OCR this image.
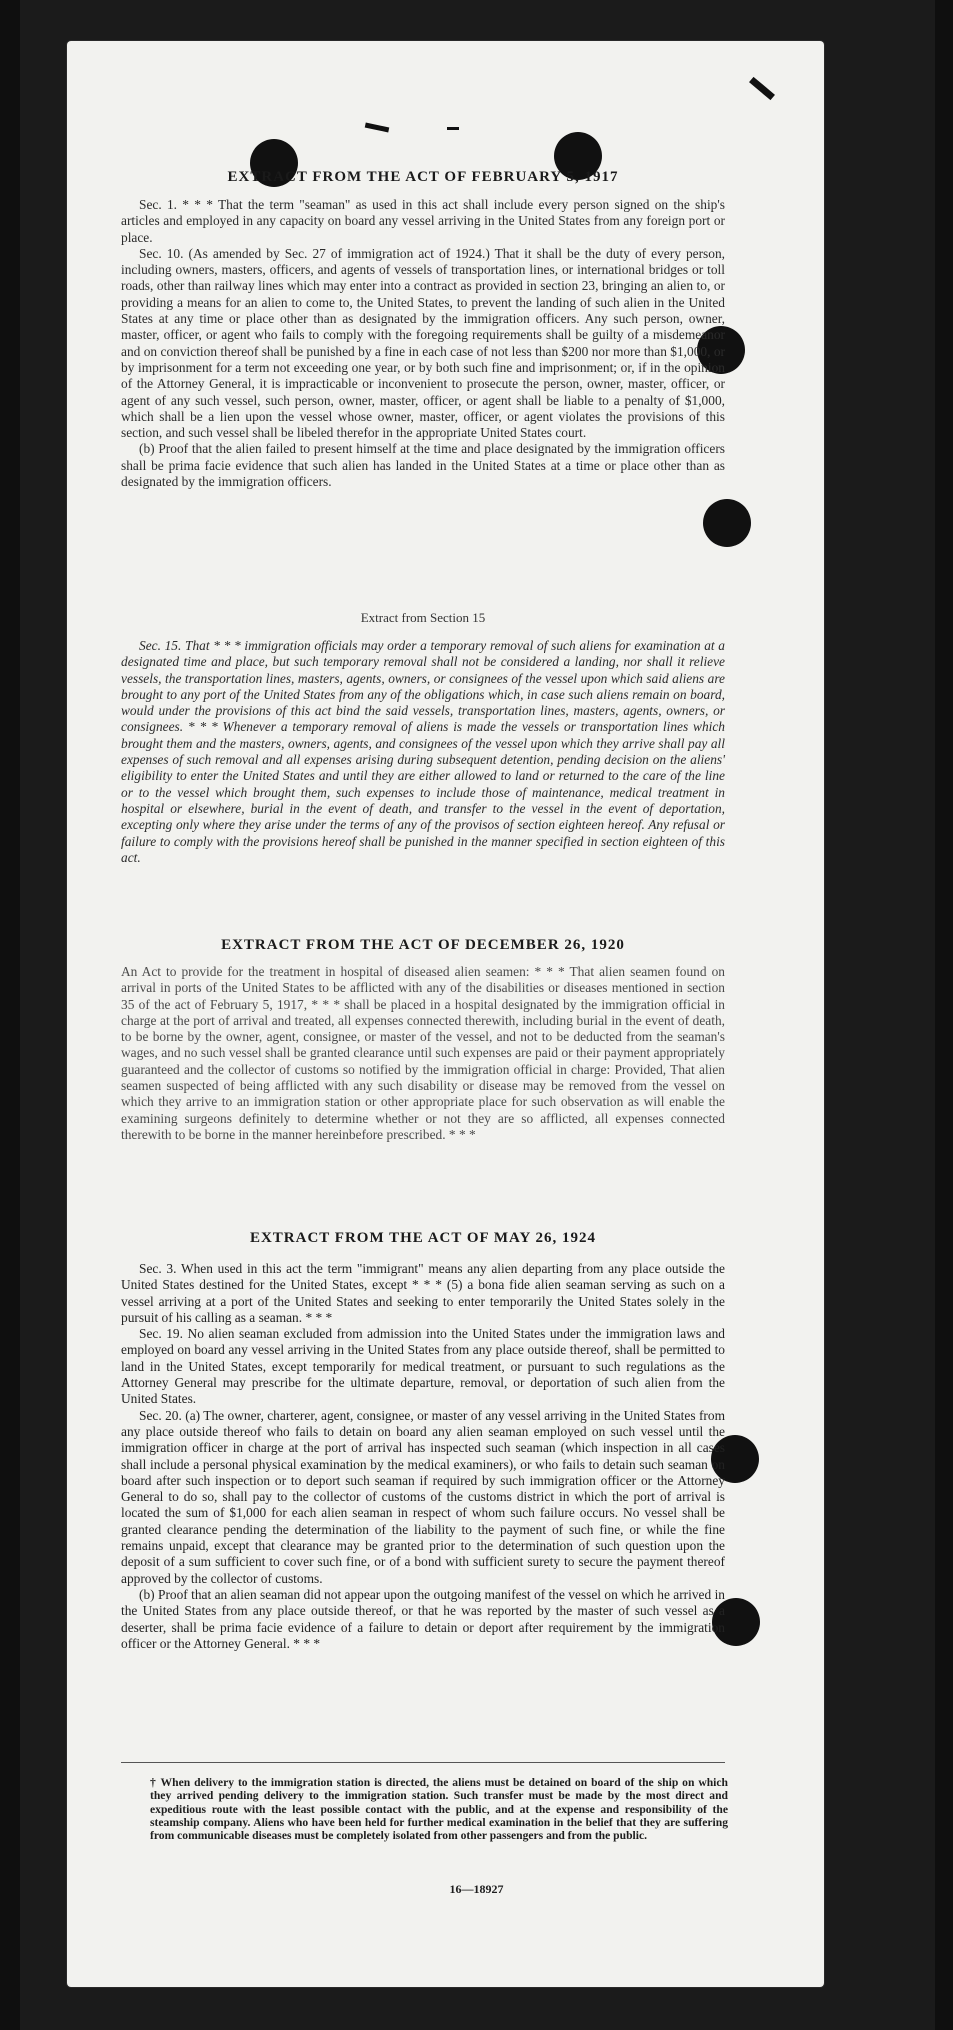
EXTRACT FROM THE ACT OF FEBRUARY 5, 1917

Sec. 1. * * * That the term "seaman" as used in this act shall include every person signed on the ship's articles and employed in any capacity on board any vessel arriving in the United States from any foreign port or place.

Sec. 10. (As amended by Sec. 27 of immigration act of 1924.) That it shall be the duty of every person, including owners, masters, officers, and agents of vessels of transportation lines, or international bridges or toll roads, other than railway lines which may enter into a contract as provided in section 23, bringing an alien to, or providing a means for an alien to come to, the United States, to prevent the landing of such alien in the United States at any time or place other than as designated by the immigration officers. Any such person, owner, master, officer, or agent who fails to comply with the foregoing requirements shall be guilty of a misdemeanor and on conviction thereof shall be punished by a fine in each case of not less than $200 nor more than $1,000, or by imprisonment for a term not exceeding one year, or by both such fine and imprisonment; or, if in the opinion of the Attorney General, it is impracticable or inconvenient to prosecute the person, owner, master, officer, or agent of any such vessel, such person, owner, master, officer, or agent shall be liable to a penalty of $1,000, which shall be a lien upon the vessel whose owner, master, officer, or agent violates the provisions of this section, and such vessel shall be libeled therefor in the appropriate United States court.

(b) Proof that the alien failed to present himself at the time and place designated by the immigration officers shall be prima facie evidence that such alien has landed in the United States at a time or place other than as designated by the immigration officers.

Extract from Section 15

Sec. 15. That * * * immigration officials may order a temporary removal of such aliens for examination at a designated time and place, but such temporary removal shall not be considered a landing, nor shall it relieve vessels, the transportation lines, masters, agents, owners, or consignees of the vessel upon which said aliens are brought to any port of the United States from any of the obligations which, in case such aliens remain on board, would under the provisions of this act bind the said vessels, transportation lines, masters, agents, owners, or consignees. * * * Whenever a temporary removal of aliens is made the vessels or transportation lines which brought them and the masters, owners, agents, and consignees of the vessel upon which they arrive shall pay all expenses of such removal and all expenses arising during subsequent detention, pending decision on the aliens' eligibility to enter the United States and until they are either allowed to land or returned to the care of the line or to the vessel which brought them, such expenses to include those of maintenance, medical treatment in hospital or elsewhere, burial in the event of death, and transfer to the vessel in the event of deportation, excepting only where they arise under the terms of any of the provisos of section eighteen hereof. Any refusal or failure to comply with the provisions hereof shall be punished in the manner specified in section eighteen of this act.

EXTRACT FROM THE ACT OF DECEMBER 26, 1920

An Act to provide for the treatment in hospital of diseased alien seamen: * * * That alien seamen found on arrival in ports of the United States to be afflicted with any of the disabilities or diseases mentioned in section 35 of the act of February 5, 1917, * * * shall be placed in a hospital designated by the immigration official in charge at the port of arrival and treated, all expenses connected therewith, including burial in the event of death, to be borne by the owner, agent, consignee, or master of the vessel, and not to be deducted from the seaman's wages, and no such vessel shall be granted clearance until such expenses are paid or their payment appropriately guaranteed and the collector of customs so notified by the immigration official in charge: Provided, That alien seamen suspected of being afflicted with any such disability or disease may be removed from the vessel on which they arrive to an immigration station or other appropriate place for such observation as will enable the examining surgeons definitely to determine whether or not they are so afflicted, all expenses connected therewith to be borne in the manner hereinbefore prescribed. * * *

EXTRACT FROM THE ACT OF MAY 26, 1924

Sec. 3. When used in this act the term "immigrant" means any alien departing from any place outside the United States destined for the United States, except * * * (5) a bona fide alien seaman serving as such on a vessel arriving at a port of the United States and seeking to enter temporarily the United States solely in the pursuit of his calling as a seaman. * * *

Sec. 19. No alien seaman excluded from admission into the United States under the immigration laws and employed on board any vessel arriving in the United States from any place outside thereof, shall be permitted to land in the United States, except temporarily for medical treatment, or pursuant to such regulations as the Attorney General may prescribe for the ultimate departure, removal, or deportation of such alien from the United States.

Sec. 20. (a) The owner, charterer, agent, consignee, or master of any vessel arriving in the United States from any place outside thereof who fails to detain on board any alien seaman employed on such vessel until the immigration officer in charge at the port of arrival has inspected such seaman (which inspection in all cases shall include a personal physical examination by the medical examiners), or who fails to detain such seaman on board after such inspection or to deport such seaman if required by such immigration officer or the Attorney General to do so, shall pay to the collector of customs of the customs district in which the port of arrival is located the sum of $1,000 for each alien seaman in respect of whom such failure occurs. No vessel shall be granted clearance pending the determination of the liability to the payment of such fine, or while the fine remains unpaid, except that clearance may be granted prior to the determination of such question upon the deposit of a sum sufficient to cover such fine, or of a bond with sufficient surety to secure the payment thereof approved by the collector of customs.

(b) Proof that an alien seaman did not appear upon the outgoing manifest of the vessel on which he arrived in the United States from any place outside thereof, or that he was reported by the master of such vessel as a deserter, shall be prima facie evidence of a failure to detain or deport after requirement by the immigration officer or the Attorney General. * * *

† When delivery to the immigration station is directed, the aliens must be detained on board of the ship on which they arrived pending delivery to the immigration station. Such transfer must be made by the most direct and expeditious route with the least possible contact with the public, and at the expense and responsibility of the steamship company. Aliens who have been held for further medical examination in the belief that they are suffering from communicable diseases must be completely isolated from other passengers and from the public.

16—18927
